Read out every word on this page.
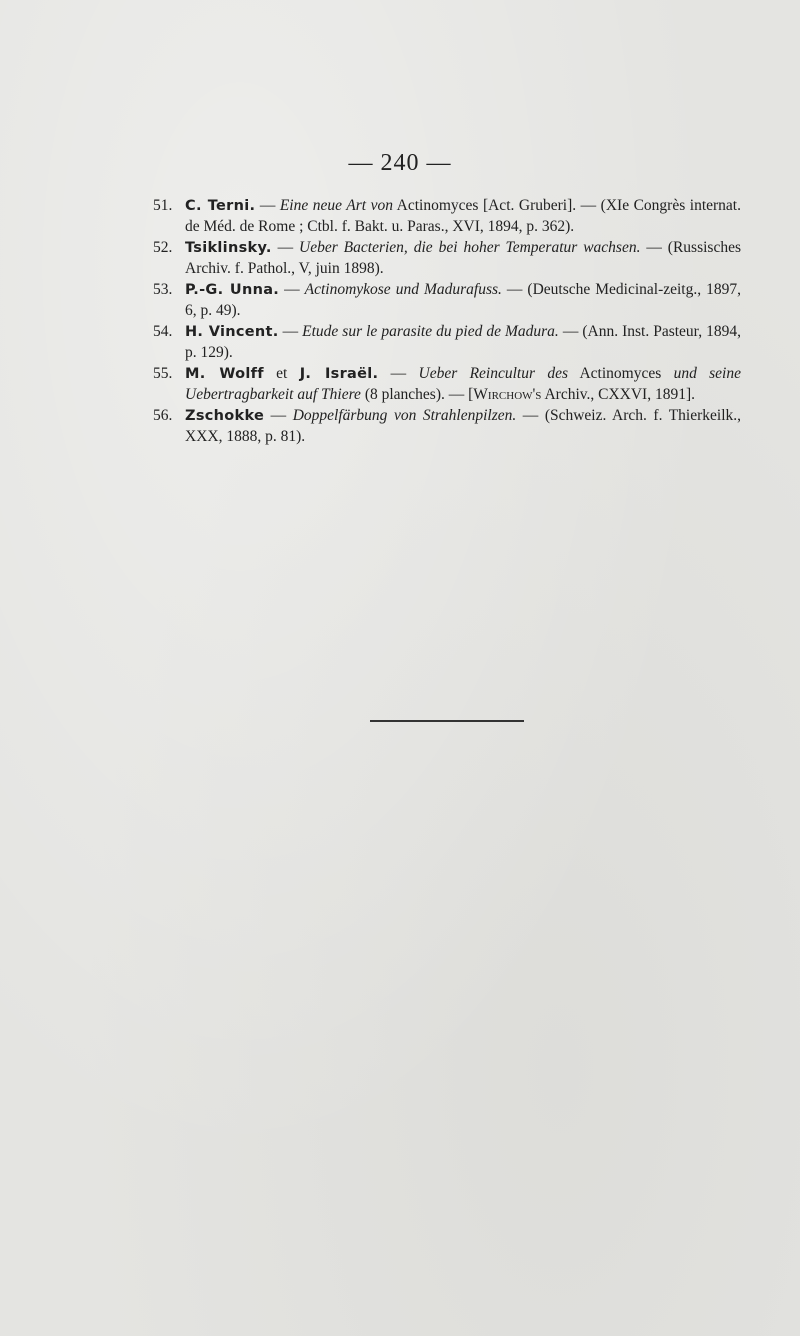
— 240 —
51. C. Terni. — Eine neue Art von Actinomyces [Act. Gruberi]. — (XIe Congrès internat. de Méd. de Rome ; Ctbl. f. Bakt. u. Paras., XVI, 1894, p. 362).
52. Tsiklinsky. — Ueber Bacterien, die bei hoher Temperatur wachsen. — (Russisches Archiv. f. Pathol., V, juin 1898).
53. P.-G. Unna. — Actinomykose und Madurafuss. — (Deutsche Medicinal-zeitg., 1897, 6, p. 49).
54. H. Vincent. — Etude sur le parasite du pied de Madura. — (Ann. Inst. Pasteur, 1894, p. 129).
55. M. Wolff et J. Israël. — Ueber Reincultur des Actinomyces und seine Uebertragbarkeit auf Thiere (8 planches). — [Wirchow's Archiv., CXXVI, 1891].
56. Zschokke — Doppelfärbung von Strahlenpilzen. — (Schweiz. Arch. f. Thierkeilk., XXX, 1888, p. 81).
